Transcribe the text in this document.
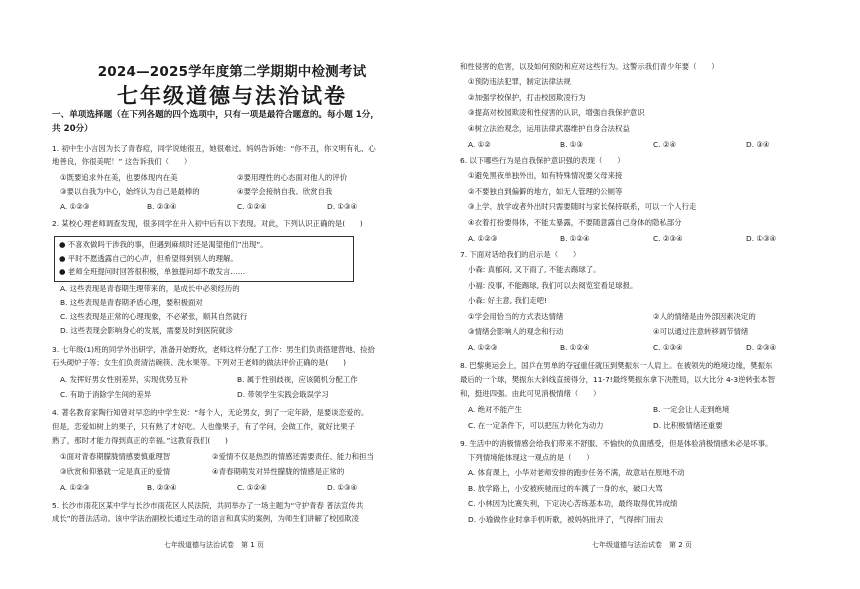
2024—2025学年度第二学期期中检测考试
七年级道德与法治试卷
一、单项选择题（在下列各题的四个选项中，只有一项是最符合题意的。每小题 1分，
共 20分）
1. 初中生小言因为长了青春痘，同学说她很丑，她很难过。妈妈告诉她：“你不丑，你文明有礼、心
地善良，你很美呢！” 这告诉我们（　　）
①既要追求外在美，也要体现内在美	②要用理性的心态面对他人的评价
③要以自我为中心，始终认为自己是最棒的	④要学会接纳自我、欣赏自我
A. ①②③	B. ②③④	C. ①②④	D. ①③④
2. 某校心理老师调查发现，很多同学在升入初中后有以下表现。对此，下列认识正确的是(　　)
● 不喜欢做吗干涉我的事，但遇到麻烦时还是渴望他们”出现”。
● 平时不愿透露自己的心声，但希望得到别人的理解。
● 老师全班提问时回答很积极，单独提问却不敢发言……
A. 这些表现是青春期生理带来的，是成长中必须经历的
B. 这些表现是青春期矛盾心理，要积极面对
C. 这些表现是正常的心理现象，不必紧张，顺其自然就行
D. 这些表现会影响身心的发展，需要及时到医院就诊
3. 七年级(1)班的同学外出研学，准备开始野炊，老师这样分配了工作：男生们负责搭建营地、捡拾
石头砌炉子等；女生们负责清洁碗筷、洗水果等。下列对王老师的做法评价正确的是(　　)
A. 发挥好男女性别差异，实现优势互补	B. 属于性别歧视，应该随机分配工作
C. 有助于消除学生间的差异	D. 带领学生实践会戢误学习
4. 著名教育家陶行知曾对早恋的中学生说：“每个人，无论男女，到了一定年龄，是要谈恋爱的。
但是，恋爱如树上的果子，只有熟了才好吃。人也像果子，有了学问，会做工作，就好比果子
熟了，那时才能力得到真正的幸福。”这教育我们(　　)
①面对青春期朦胧情感要慎重理智	②爱情不仅是热烈的情感还需要责任、能力和担当
③欣赏和仰慕就一定是真正的爱情	④青春期萌发对异性朦胧的情感是正常的
A. ①②③	B. ②③④	C. ①②④	D. ①③④
5. 长沙市雨花区某中学与长沙市雨花区人民法院，共同举办了一场主题为“守护青春 普法宣传共
成长”的普法活动。该中学法治副校长通过生动的语言和真实的案例，为师生们讲解了校园欺凌
七年级道德与法治试卷　第 1 页
和性侵害的危害，以及如何预防和应对这些行为。这警示我们青少年要（　　）
①预防违法犯罪，制定法律法规
②加强学校保护，打击校园欺凌行为
③提高对校园欺凌和性侵害的认识，增强自我保护意识
④树立法治观念，运用法律武器维护自身合法权益
A. ①②	B. ①③	C. ②④	D. ③④
6. 以下哪些行为是自我保护意识强的表现（　　）
①避免黑夜单独外出，如有特殊情况要父母来接
②不要独自到偏僻的地方，如无人管理的公厕等
③上学、放学或者外出时只需要随时与家长保持联系，可以一个人行走
④衣着打扮要得体，不能太暴露，不要随意露自己身体的隐私部分
A. ①②③	B. ①②④	C. ②③④	D. ①③④
7. 下面对话给我们的启示是（　　）
小森: 真郁闷, 又下雨了, 不能去踢球了。
小福: 没事, 不能踢球, 我们可以去阅览室看足球报。
小森: 好主意, 我们走吧!
①学会用恰当的方式表达情绪	②人的情绪是由外部因素决定的
③情绪会影响人的观念和行动	④可以通过注意转移调节情绪
A. ①②③	B. ①②④	C. ①③④	D. ②③④
8. 巴黎奥运会上，国乒在男单的夺冠重任就压到樊振东一人肩上。在被领先的绝境边缘，樊振东
最后的一个球，樊振东大斜线直接得分，11-7!最终樊振东拿下决胜局，以大比分 4-3逆转张本智
和，挺进四强。由此可见消极情绪（　　）
A. 绝对不能产生	B. 一定会让人走到绝境
C. 在一定条件下，可以把压力转化为动力	D. 比积极情绪还重要
9. 生活中的消极情感会给我们带来不舒服、不愉快的负面感受，但是体验消极情感未必是坏事。
下列情境能体现这一观点的是（　　）
A. 体育课上，小华对老师安排的跑步任务不满，故意站在原地不动
B. 放学路上，小安被疾驰而过的车溅了一身的水，破口大骂
C. 小林因为比赛失利，下定决心苦练基本功，最终取得优异成绩
D. 小瑜做作业时拿手机听歌，被妈妈批评了，气得摔门而去
七年级道德与法治试卷　第 2 页
